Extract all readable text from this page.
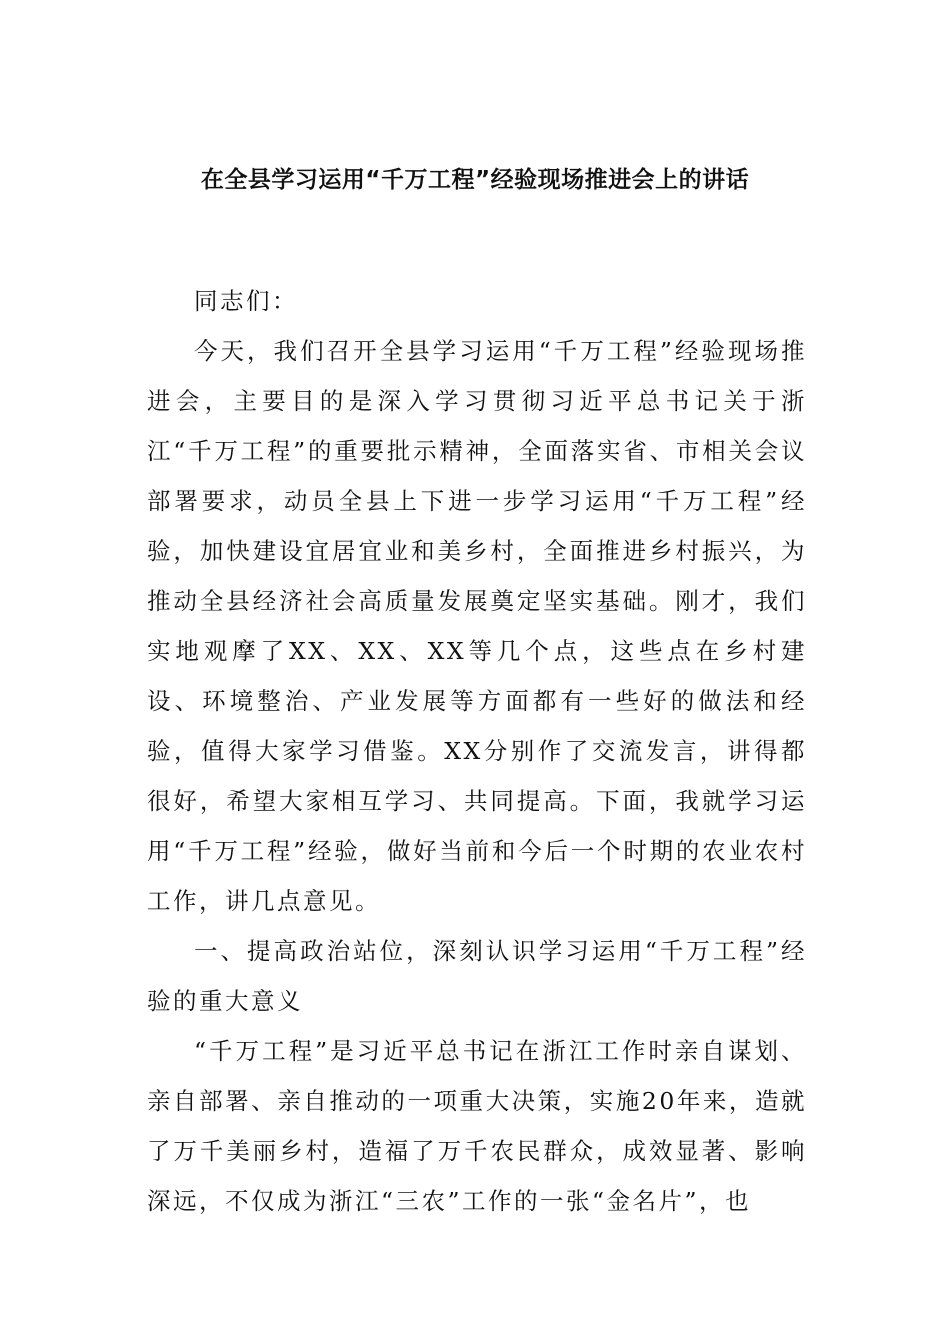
在全县学习运用“千万工程”经验现场推进会上的讲话

同志们：

今天，我们召开全县学习运用“千万工程”经验现场推进会，主要目的是深入学习贯彻习近平总书记关于浙江“千万工程”的重要批示精神，全面落实省、市相关会议部署要求，动员全县上下进一步学习运用“千万工程”经验，加快建设宜居宜业和美乡村，全面推进乡村振兴，为推动全县经济社会高质量发展奠定坚实基础。刚才，我们实地观摩了XX、XX、XX等几个点，这些点在乡村建设、环境整治、产业发展等方面都有一些好的做法和经验，值得大家学习借鉴。XX分别作了交流发言，讲得都很好，希望大家相互学习、共同提高。下面，我就学习运用“千万工程”经验，做好当前和今后一个时期的农业农村工作，讲几点意见。

一、提高政治站位，深刻认识学习运用“千万工程”经验的重大意义

“千万工程”是习近平总书记在浙江工作时亲自谋划、亲自部署、亲自推动的一项重大决策，实施20年来，造就了万千美丽乡村，造福了万千农民群众，成效显著、影响深远，不仅成为浙江“三农”工作的一张“金名片”，也
